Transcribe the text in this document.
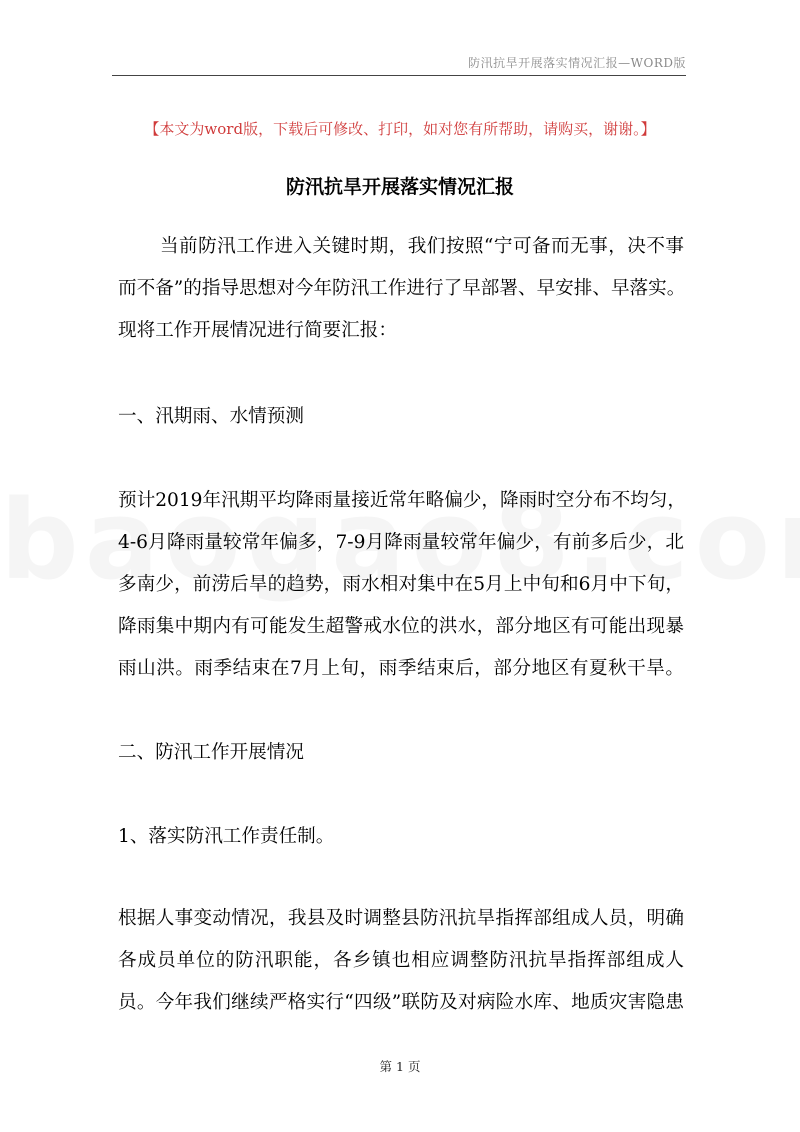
防汛抗旱开展落实情况汇报—WORD版
【本文为word版，下载后可修改、打印，如对您有所帮助，请购买，谢谢。】
防汛抗旱开展落实情况汇报
当前防汛工作进入关键时期，我们按照“宁可备而无事，决不事
而不备”的指导思想对今年防汛工作进行了早部署、早安排、早落实。
现将工作开展情况进行简要汇报：
一、汛期雨、水情预测
预计2019年汛期平均降雨量接近常年略偏少，降雨时空分布不均匀，
4-6月降雨量较常年偏多，7-9月降雨量较常年偏少，有前多后少，北
多南少，前涝后旱的趋势，雨水相对集中在5月上中旬和6月中下旬，
降雨集中期内有可能发生超警戒水位的洪水，部分地区有可能出现暴
雨山洪。雨季结束在7月上旬，雨季结束后，部分地区有夏秋干旱。
二、防汛工作开展情况
1、落实防汛工作责任制。
根据人事变动情况，我县及时调整县防汛抗旱指挥部组成人员，明确
各成员单位的防汛职能，各乡镇也相应调整防汛抗旱指挥部组成人
员。今年我们继续严格实行“四级”联防及对病险水库、地质灾害隐患
第 1 页
